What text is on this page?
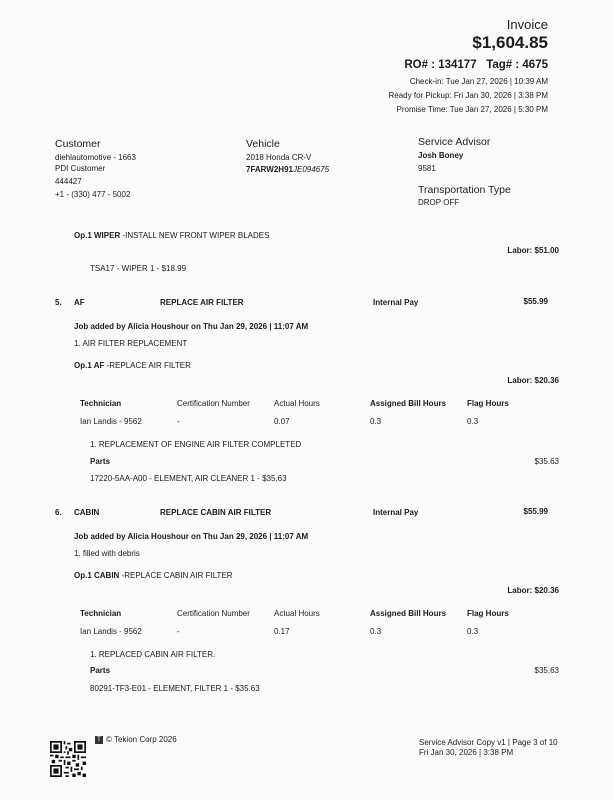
Invoice
$1,604.85
RO# : 134177 Tag# : 4675
Check-in: Tue Jan 27, 2026 | 10:39 AM
Ready for Pickup: Fri Jan 30, 2026 | 3:38 PM
Promise Time: Tue Jan 27, 2026 | 5:30 PM
Customer
diehlautomotive - 1663
PDI Customer
444427
+1 - (330) 477 - 5002
Vehicle
2018 Honda CR-V
7FARW2H91JE094675
Service Advisor
Josh Boney
9581
Transportation Type
DROP OFF
Op.1 WIPER -INSTALL NEW FRONT WIPER BLADES
Labor: $51.00
TSA17 - WIPER 1 - $18.99
5. AF	REPLACE AIR FILTER	Internal Pay	$55.99
Job added by Alicia Houshour on Thu Jan 29, 2026 | 11:07 AM
1. AIR FILTER REPLACEMENT
Op.1 AF -REPLACE AIR FILTER
Labor: $20.36
Technician	Certification Number	Actual Hours	Assigned Bill Hours	Flag Hours
Ian Landis - 9562	-	0.07	0.3	0.3
1. REPLACEMENT OF ENGINE AIR FILTER COMPLETED
Parts	$35.63
17220-5AA-A00 - ELEMENT, AIR CLEANER 1 - $35.63
6. CABIN	REPLACE CABIN AIR FILTER	Internal Pay	$55.99
Job added by Alicia Houshour on Thu Jan 29, 2026 | 11:07 AM
1. filled with debris
Op.1 CABIN -REPLACE CABIN AIR FILTER
Labor: $20.36
Technician	Certification Number	Actual Hours	Assigned Bill Hours	Flag Hours
Ian Landis - 9562	-	0.17	0.3	0.3
1. REPLACED CABIN AIR FILTER.
Parts	$35.63
80291-TF3-E01 - ELEMENT, FILTER 1 - $35.63
T © Tekion Corp 2026	Service Advisor Copy v1 | Page 3 of 10
Fri Jan 30, 2026 | 3:38 PM
